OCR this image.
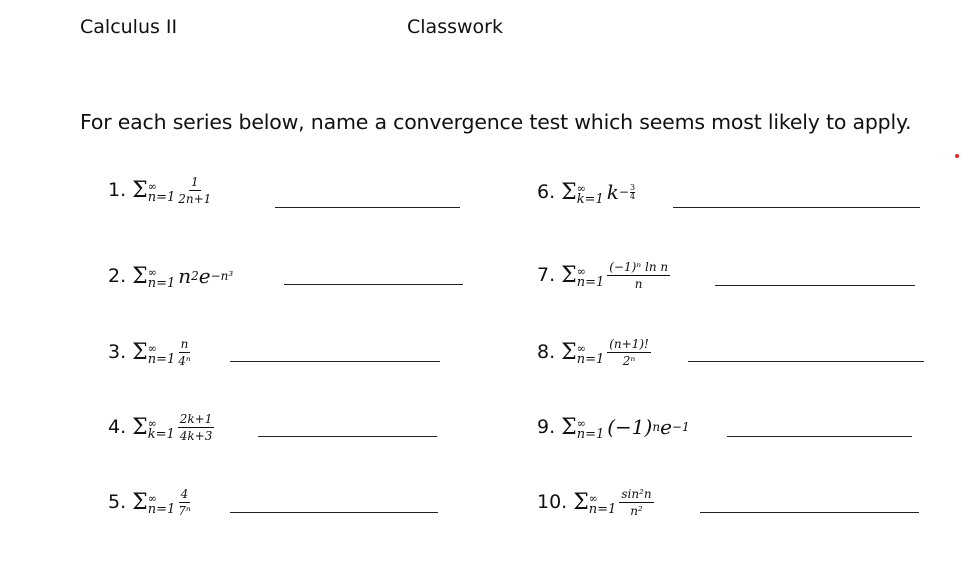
Calculus II	Classwork
For each series below, name a convergence test which seems most likely to apply.
1. Σ ∞
$n=1 \frac{1}{2n+1}$
2. Σ ∞
n=1 n 2 e −n³
3. Σ ∞
$n=1 \frac{n}{\text{4ⁿ}}$
4. Σ ∞
$k=1 \frac{2k+1}{4k+3}$
5. Σ ∞
$n=1 \frac{4}{\text{7ⁿ}}$
6. Σ ∞
k=1 $k - \frac{3}{4}$
7. Σ ∞
$n=1 \frac{\text{(−1)ⁿ ln n}}{n}$
8. Σ ∞
$n=1 \frac{(n+1)!}{\text{2ⁿ}}$
9. Σ ∞
n=1 (−1) n e −1
10. Σ ∞
$n=1 \frac{\text{sin²n}}{\text{n²}}$
